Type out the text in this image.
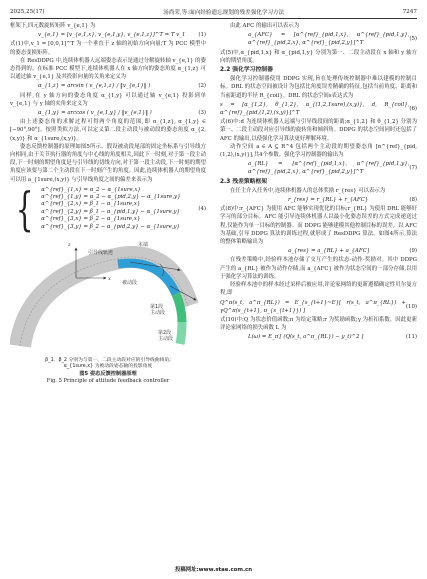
2025,25(17)	汤尚荣,等:面向经验遗忘规划的残差强化学习方法	7247
框架下,四元数旋转矩阵 v_{e,1} 为
v_{e,1} = [v_{e,1,x}, v_{e,1,y}, v_{e,1,z}]^T = T v_1 (1)
式(1)中,v_1 = [0,0,1]^T 为一个垂直于 z 轴的初始方向向量;T 为 PCC 模型中的姿态变换矩阵。
在 ResDDPG 中,连续体机器人远端姿态表示是通过分解旋转轴 v_{e,1} 的姿态得到的。在标准 PCC 模型下,连续体机器人在 x 轴方向的姿态角度 α_{1,z} 可以通过轴 v_{e,1} 及其投影向量的关角来定义为
α_{1,z} = arcsin ( v_{e,1,z} / ‖v_{e,1}‖ )	(2)
同样,在 y 轴方向的姿态角度 α_{1,y} 可以通过轴 v_{e,1} 投影到单 v_{e,1} 与 y 轴的夹角来定义为
α_{1,y} = arccos ( v_{e,1,y} / ‖v_{e,1}‖ )	(3)
由上述姿态角的求解过程可得两个角度的范围,即 α_{1,z}, α_{1,y} ∈ [−90°,90°]。按照类似方法,可以定义第二段主动段与被动段的姿态角度 α_{2,(x,y)} 和 α_{1sure,(x,y)}。
姿态反馈控制器的原理如图5所示。假设被动段尾部的固定坐标系与引导线方向相同,由于关节执行器的角度与中心线的角度相关,因此下一时刻,对于第一段主动段,下一时刻的期望角度是与引导线的切线方向,对于第一段主动段,下一时刻的期望角度应该要与第二个主动段在下一时刻产生的角度。因此,连续体机器人的期望角度可以用 a_{1sure,(x,y)} 与引导线角度之间的偏差来表示为
{ α^{ref}_{1,x} = α_2 − α_{1sure,x}
α^{ref}_{1,y} = α_2 − α_{pid,2,y} − α_{1sure,y}
α^{ref}_{2,x} = β_1 − α_{1sure,x}
α^{ref}_{2,y} = β_1 − α_{pid,1,y} − α_{1sure,y}
α^{ref}_{3,x} = β_2 − α_{1sure,x}
α^{ref}_{3,y} = β_2 − α_{pid,2,y} − α_{1sure,y}
(4)
引导线轨迹
末端
第1段
主动段
第2段
主动段
被动段
z
x
β_1、β_2 分别为与第一、二段主动段对应的引导线曲线角;
α_{1sure,x} 为被动段姿态轴的投影角度
图5 姿态反馈控制器原理
Fig. 5 Principle of attitude feedback controller
由此 AFC 的输出可以表示为
a_{AFC} = [α^{ref}_{pid,1,x}, α^{ref}_{pid,1,y}, α^{ref}_{pid,2,x}, α^{ref}_{pid,2,y}]^T
(5)
式(5)中,α_{pid,1,x} 和 α_{pid,1,y} 分别为第一、二段主动段在 x 轴和 y 轴方向的期望角度。
2.2 强化学习控制器
强化学习控制器使用 DDPG 实现,旨在处理传统控制器中难以建模的控制目标。DRL 的状态空间被设计为包括比角度误差精确的特征,包括当前角度、距离和当前距道的半径 R_{coil}。DRL 的状态空间s表达式为
s = [α_{1,2}, θ_{1,2}, α_{(1,2,1sure),(x,y)}, d, R_{coil}, α^{ref}_{pid,(1,2),(x,y)}]^T
(6)
式(6)中:d 为连续体机器人远端与引导线段间的距离;α_{1,2} 和 θ_{1,2} 分别为第一、二段主动段对应引导线的旋转角和倾斜角。DDPG 的状态空间同时还包括了 AFC 的输出,以使强化学习算法更好理解环境。
动作空间 a ∈ A ⊆ R^4 包括两个主动段的期望姿态角 [α^{ref}_{pid,(1,2),(x,y)}],共4个参数。强化学习控制器的输出为
a_{RL} = [α^{ref}_{pid,1,x}, α^{ref}_{pid,1,y}, α^{ref}_{pid,2,x}, α^{ref}_{pid,2,y}]^T
(7)
2.3 残差策略框架
在任主介入任务中,连续体机器人的总体奖励 r_{res} 可以表示为
r_{res} = r_{RL} + r_{AFC}	(8)
式(8)中:r_{AFC} 为使用 AFC 能够实现优化的目标;r_{RL} 为使用 DRL 能够好学习的部分目标。AFC 能引导连续体机器人以最小化姿态误差的方式完成递送过程,仅能作为单一目标的控制器。而 DDPG 能够建模其他控制目标的误差。以 AFC 为基础,引导 DDPG 算法的训练过程,就形成了 ResDDPG 算法。如图4所示,算法的整体策略输出为
a_{res} = a_{RL} + a_{AFC}	(9)
在残差策略中,经验样本池存储了交互产生的状态-动作-奖励对。其中 DDPG 产生的 a_{RL} 被作为动作存储,而 a_{AFC} 被作为状态空间的一部分存储,以用于强化学习算法的训练。
经验样本池中的样本经过采样后被应用,评论家网络的更新遵循确定性贝尔曼方程,即
Q^π(s_t, a^π_{RL}) = E_{s_{t+1}~E}[ r(s_t, a^π_{RL}) + γQ^π(s_{t+1}, π_{s_{t+1}}) ]
(10)
式(10)中:Q 为状态价值函数;π 为给定策略;r 为奖励函数;γ 为折扣系数。因此更新评论家网络的损失函数 L 为
L(ω) = E_π′[ (Q(s_t, a^π_{RL}) − y_t)^2 ]	(11)
投稿网址:www.stae.com.cn
